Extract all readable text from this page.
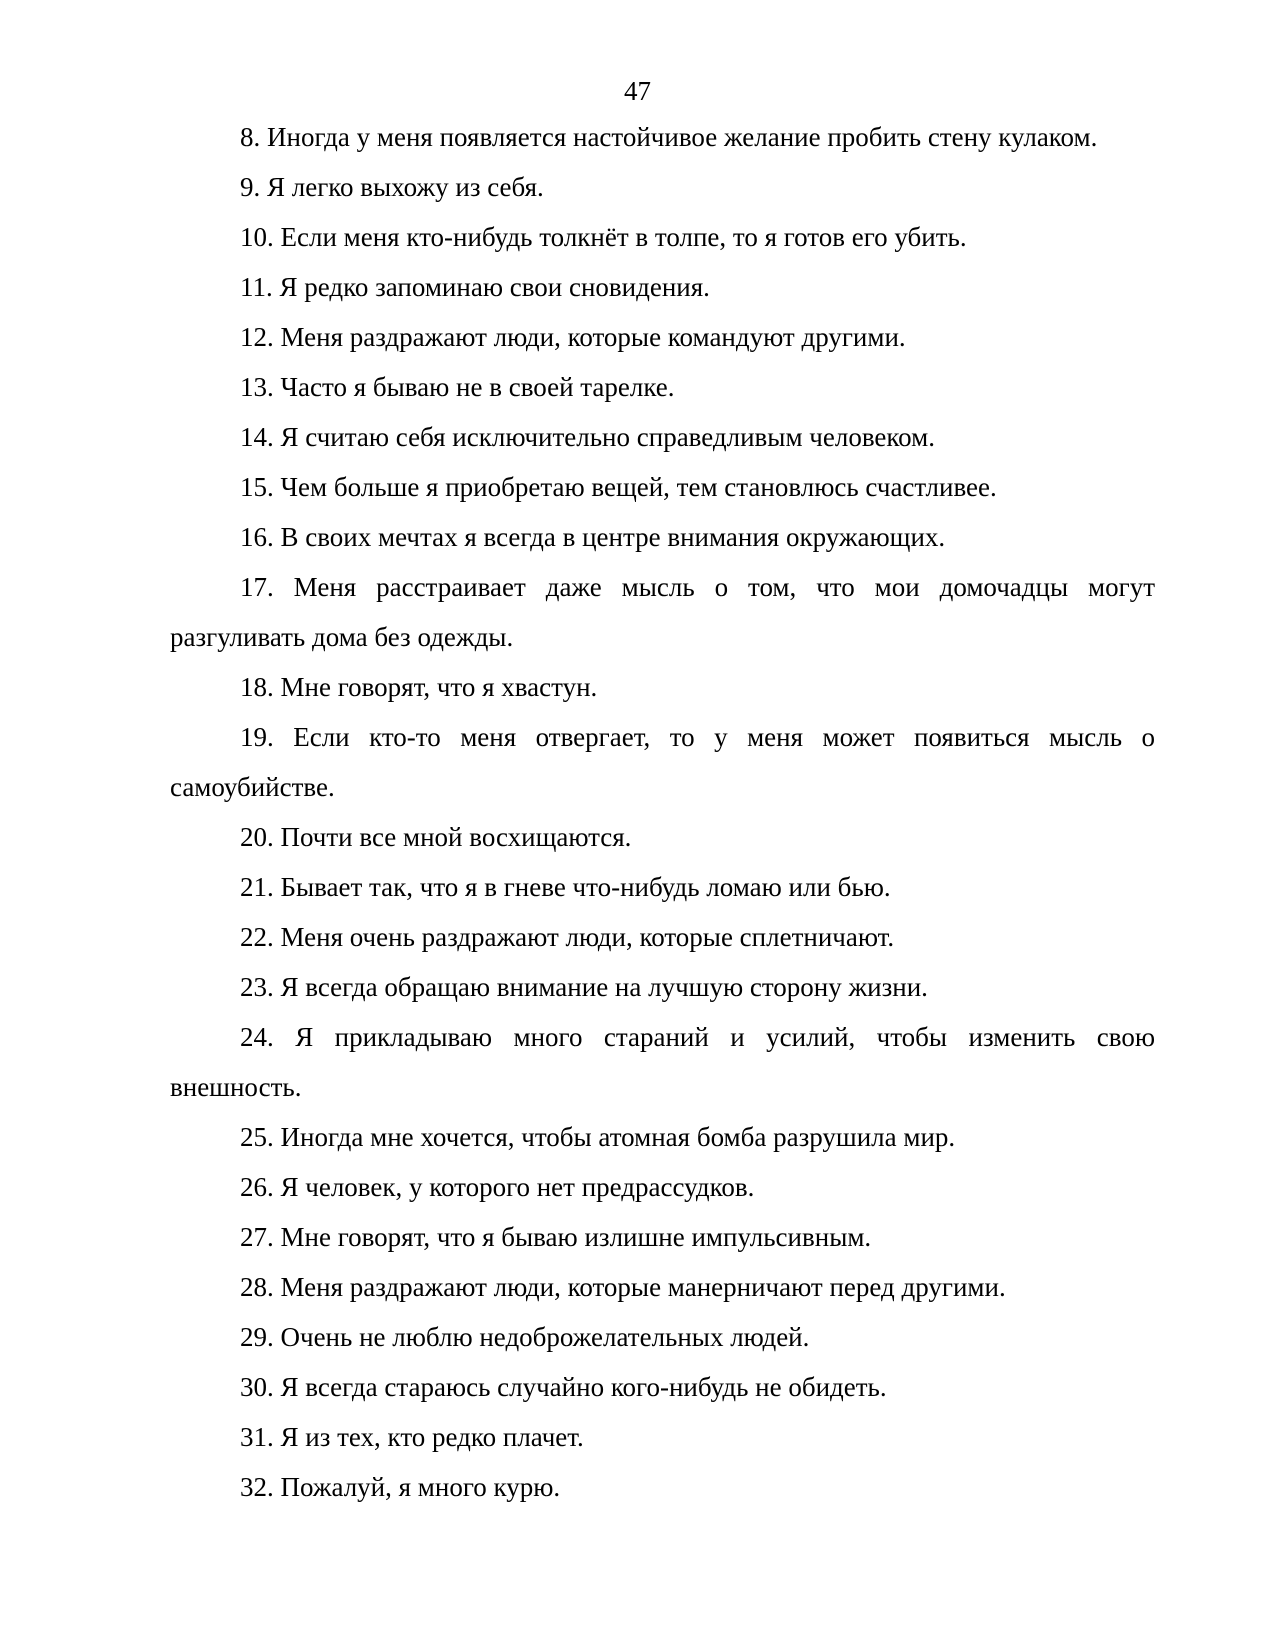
47

8. Иногда у меня появляется настойчивое желание пробить стену кулаком.

9. Я легко выхожу из себя.

10. Если меня кто-нибудь толкнёт в толпе, то я готов его убить.

11. Я редко запоминаю свои сновидения.

12. Меня раздражают люди, которые командуют другими.

13. Часто я бываю не в своей тарелке.

14. Я считаю себя исключительно справедливым человеком.

15. Чем больше я приобретаю вещей, тем становлюсь счастливее.

16. В своих мечтах я всегда в центре внимания окружающих.

17. Меня расстраивает даже мысль о том, что мои домочадцы могут разгуливать дома без одежды.

18. Мне говорят, что я хвастун.

19. Если кто-то меня отвергает, то у меня может появиться мысль о самоубийстве.

20. Почти все мной восхищаются.

21. Бывает так, что я в гневе что-нибудь ломаю или бью.

22. Меня очень раздражают люди, которые сплетничают.

23. Я всегда обращаю внимание на лучшую сторону жизни.

24. Я прикладываю много стараний и усилий, чтобы изменить свою внешность.

25. Иногда мне хочется, чтобы атомная бомба разрушила мир.

26. Я человек, у которого нет предрассудков.

27. Мне говорят, что я бываю излишне импульсивным.

28. Меня раздражают люди, которые манерничают перед другими.

29. Очень не люблю недоброжелательных людей.

30. Я всегда стараюсь случайно кого-нибудь не обидеть.

31. Я из тех, кто редко плачет.

32. Пожалуй, я много курю.
